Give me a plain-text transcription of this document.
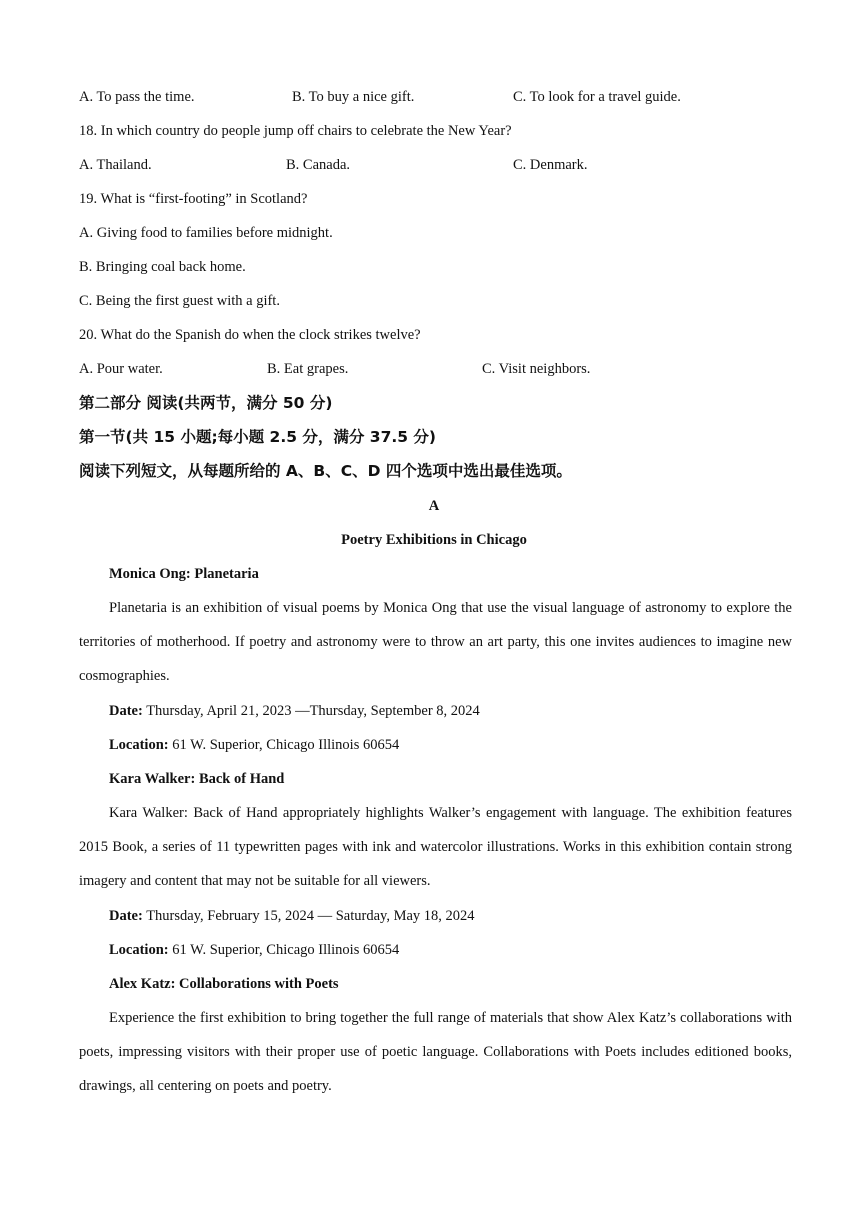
A. To pass the time.	B. To buy a nice gift.	C. To look for a travel guide.
18. In which country do people jump off chairs to celebrate the New Year?
A. Thailand.	B. Canada.	C. Denmark.
19. What is “first-footing” in Scotland?
A. Giving food to families before midnight.
B. Bringing coal back home.
C. Being the first guest with a gift.
20. What do the Spanish do when the clock strikes twelve?
A. Pour water.	B. Eat grapes.	C. Visit neighbors.
第二部分 阅读(共两节，满分 50 分)
第一节(共 15 小题;每小题 2.5 分，满分 37.5 分)
阅读下列短文，从每题所给的 A、B、C、D 四个选项中选出最佳选项。
A
Poetry Exhibitions in Chicago
Monica Ong: Planetaria
Planetaria is an exhibition of visual poems by Monica Ong that use the visual language of astronomy to explore the territories of motherhood. If poetry and astronomy were to throw an art party, this one invites audiences to imagine new cosmographies.
Date: Thursday, April 21, 2023 —Thursday, September 8, 2024
Location: 61 W. Superior, Chicago Illinois 60654
Kara Walker: Back of Hand
Kara Walker: Back of Hand appropriately highlights Walker’s engagement with language. The exhibition features 2015 Book, a series of 11 typewritten pages with ink and watercolor illustrations. Works in this exhibition contain strong imagery and content that may not be suitable for all viewers.
Date: Thursday, February 15, 2024 — Saturday, May 18, 2024
Location: 61 W. Superior, Chicago Illinois 60654
Alex Katz: Collaborations with Poets
Experience the first exhibition to bring together the full range of materials that show Alex Katz’s collaborations with poets, impressing visitors with their proper use of poetic language. Collaborations with Poets includes editioned books, drawings, all centering on poets and poetry.
